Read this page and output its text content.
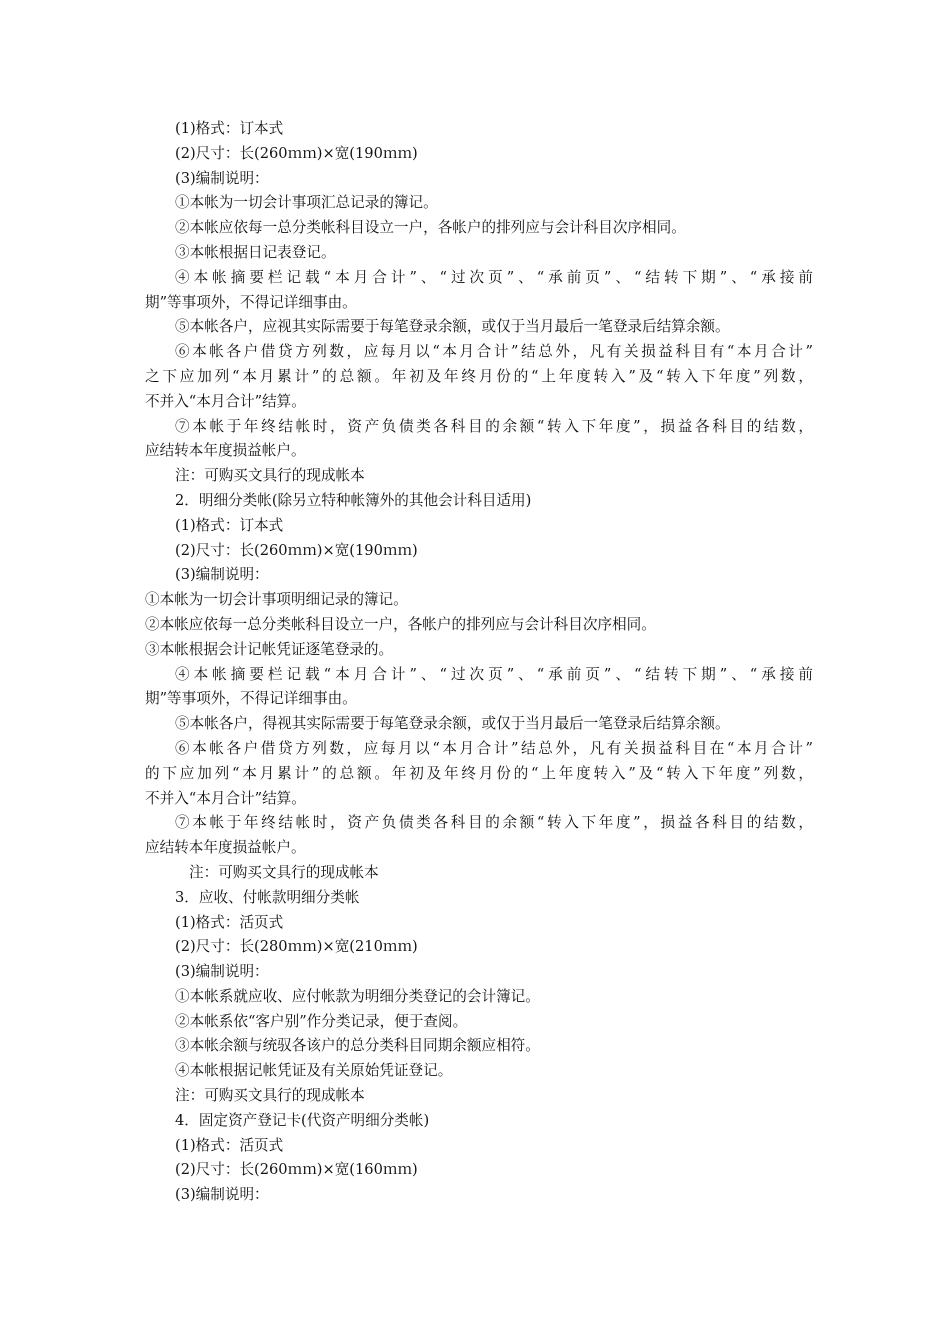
(1)格式：订本式

(2)尺寸：长(260ｍｍ)×宽(190ｍｍ)

(3)编制说明：

①本帐为一切会计事项汇总记录的簿记。

②本帐应依每一总分类帐科目设立一户，各帐户的排列应与会计科目次序相同。

③本帐根据日记表登记。

④本帐摘要栏记载“本月合计”、“过次页”、“承前页”、“结转下期”、“承接前

期”等事项外，不得记详细事由。

⑤本帐各户，应视其实际需要于每笔登录余额，或仅于当月最后一笔登录后结算余额。

⑥本帐各户借贷方列数，应每月以“本月合计”结总外，凡有关损益科目有“本月合计”

之下应加列“本月累计”的总额。年初及年终月份的“上年度转入”及“转入下年度”列数，

不并入“本月合计”结算。

⑦本帐于年终结帐时，资产负债类各科目的余额“转入下年度”，损益各科目的结数，

应结转本年度损益帐户。

注：可购买文具行的现成帐本

2．明细分类帐(除另立特种帐簿外的其他会计科目适用)

(1)格式：订本式

(2)尺寸：长(260ｍｍ)×宽(190ｍｍ)

(3)编制说明：

①本帐为一切会计事项明细记录的簿记。

②本帐应依每一总分类帐科目设立一户，各帐户的排列应与会计科目次序相同。

③本帐根据会计记帐凭证逐笔登录的。

④本帐摘要栏记载“本月合计”、“过次页”、“承前页”、“结转下期”、“承接前

期”等事项外，不得记详细事由。

⑤本帐各户，得视其实际需要于每笔登录余额，或仅于当月最后一笔登录后结算余额。

⑥本帐各户借贷方列数，应每月以“本月合计”结总外，凡有关损益科目在“本月合计”

的下应加列“本月累计”的总额。年初及年终月份的“上年度转入”及“转入下年度”列数，

不并入“本月合计”结算。

⑦本帐于年终结帐时，资产负债类各科目的余额“转入下年度”，损益各科目的结数，

应结转本年度损益帐户。

注：可购买文具行的现成帐本

3．应收、付帐款明细分类帐

(1)格式：活页式

(2)尺寸：长(280ｍｍ)×宽(210ｍｍ)

(3)编制说明：

①本帐系就应收、应付帐款为明细分类登记的会计簿记。

②本帐系依“客户别”作分类记录，便于查阅。

③本帐余额与统驭各该户的总分类科目同期余额应相符。

④本帐根据记帐凭证及有关原始凭证登记。

注：可购买文具行的现成帐本

4．固定资产登记卡(代资产明细分类帐)

(1)格式：活页式

(2)尺寸：长(260ｍｍ)×宽(160ｍｍ)

(3)编制说明：
